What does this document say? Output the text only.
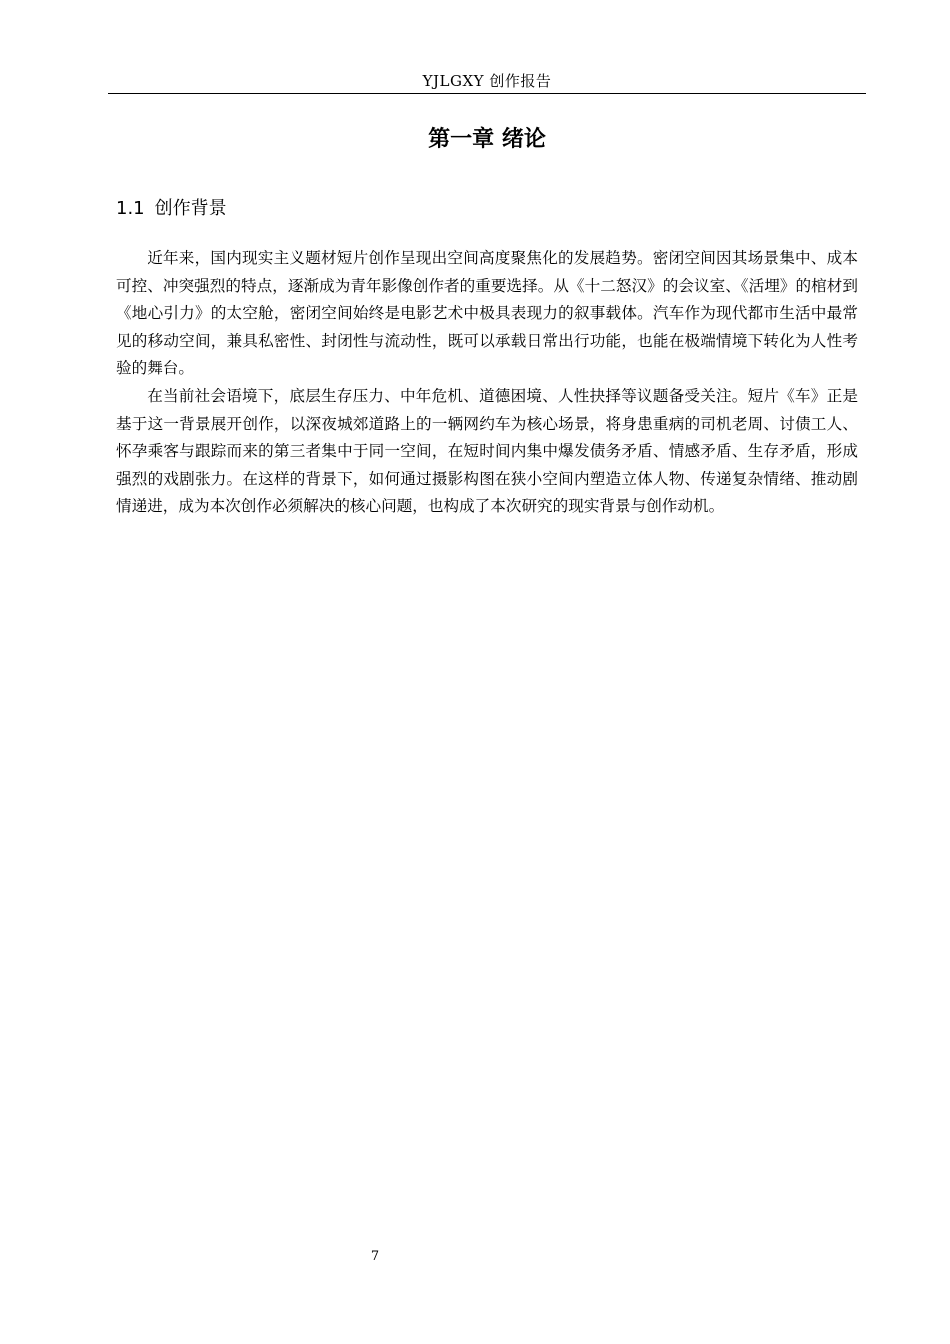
YJLGXY 创作报告
第一章 绪论
1.1 创作背景

近年来，国内现实主义题材短片创作呈现出空间高度聚焦化的发展趋势。密闭空间因其场景集中、成本可控、冲突强烈的特点，逐渐成为青年影像创作者的重要选择。从《十二怒汉》的会议室、《活埋》的棺材到《地心引力》的太空舱，密闭空间始终是电影艺术中极具表现力的叙事载体。汽车作为现代都市生活中最常见的移动空间，兼具私密性、封闭性与流动性，既可以承载日常出行功能，也能在极端情境下转化为人性考验的舞台。

在当前社会语境下，底层生存压力、中年危机、道德困境、人性抉择等议题备受关注。短片《车》正是基于这一背景展开创作，以深夜城郊道路上的一辆网约车为核心场景，将身患重病的司机老周、讨债工人、怀孕乘客与跟踪而来的第三者集中于同一空间，在短时间内集中爆发债务矛盾、情感矛盾、生存矛盾，形成强烈的戏剧张力。在这样的背景下，如何通过摄影构图在狭小空间内塑造立体人物、传递复杂情绪、推动剧情递进，成为本次创作必须解决的核心问题，也构成了本次研究的现实背景与创作动机。

7
